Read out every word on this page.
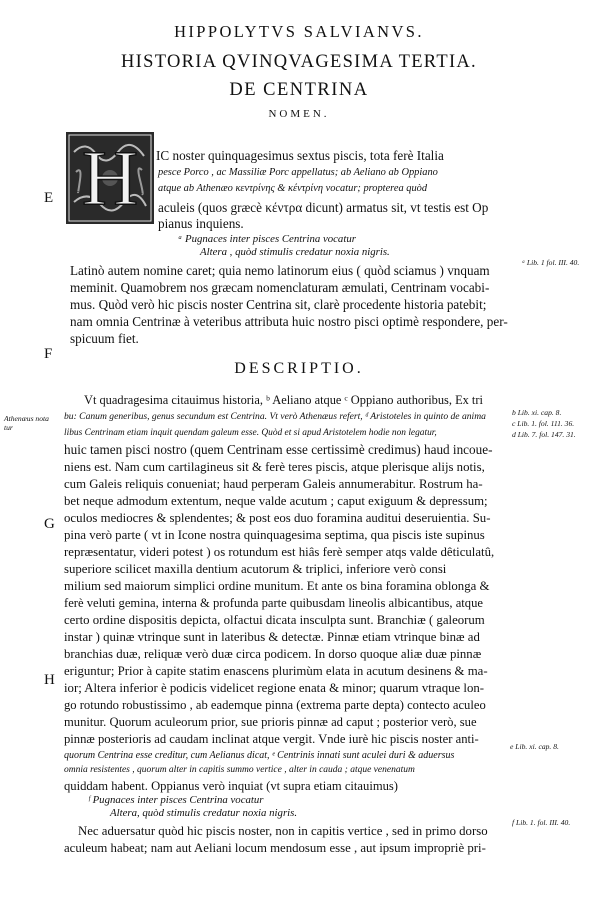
HIPPOLYTVS SALVIANVS.
HISTORIA QVINQVAGESIMA TERTIA.
DE CENTRINA
NOMEN.
H
E
F
G
H
IC noster quinquagesimus sextus piscis, tota ferè Italia
pesce Porco , ac Massiliæ Porc appellatus; ab Aeliano ab Oppiano
atque ab Athenæo κεντρίνης & κέντρίνη vocatur; propterea quòd
aculeis (quos græcè κέντρα dicunt) armatus sit, vt testis est Op
pianus inquiens.
ᵃ Pugnaces inter pisces Centrina vocatur
Altera , quòd stimulis credatur noxia nigris.
Latinò autem nomine caret; quia nemo latinorum eius ( quòd sciamus ) vnquam
meminit. Quamobrem nos græcam nomenclaturam æmulati, Centrinam vocabi-
mus. Quòd verò hic piscis noster Centrina sit, clarè procedente historia patebit;
nam omnia Centrinæ à veteribus attributa huic nostro pisci optimè respondere, per-
spicuum fiet.
DESCRIPTIO.
Vt quadragesima citauimus historia, ᵇ Aeliano atque ᶜ Oppiano authoribus, Ex tri
bu: Canum generibus, genus secundum est Centrina. Vt verò Athenæus refert, ᵈ Aristoteles in quinto de anima
libus Centrinam etiam inquit quendam galeum esse. Quòd et si apud Aristotelem hodie non legatur,
huic tamen pisci nostro (quem Centrinam esse certissimè credimus) haud incoue-
niens est. Nam cum cartilagineus sit & ferè teres piscis, atque plerisque alijs notis,
cum Galeis reliquis conueniat; haud perperam Galeis annumerabitur. Rostrum ha-
bet neque admodum extentum, neque valde acutum ; caput exiguum & depressum;
oculos mediocres & splendentes; & post eos duo foramina auditui deseruientia. Su-
pina verò parte ( vt in Icone nostra quinquagesima septima, qua piscis iste supinus
repræsentatur, videri potest ) os rotundum est hiâs ferè semper atqs valde dêticulatû,
superiore scilicet maxilla dentium acutorum & triplici, inferiore verò consi
milium sed maiorum simplici ordine munitum. Et ante os bina foramina oblonga &
ferè veluti gemina, interna & profunda parte quibusdam lineolis albicantibus, atque
certo ordine dispositis depicta, olfactui dicata insculpta sunt. Branchiæ ( galeorum
instar ) quinæ vtrinque sunt in lateribus & detectæ. Pinnæ etiam vtrinque binæ ad
branchias duæ, reliquæ verò duæ circa podicem. In dorso quoque aliæ duæ pinnæ
eriguntur; Prior à capite statim enascens plurimùm elata in acutum desinens & ma-
ior; Altera inferior è podicis videlicet regione enata & minor; quarum vtraque lon-
go rotundo robustissimo , ab eademque pinna (extrema parte depta) contecto aculeo
munitur. Quorum aculeorum prior, sue prioris pinnæ ad caput ; posterior verò, sue
pinnæ posterioris ad caudam inclinat atque vergit. Vnde iurè hic piscis noster anti-
quorum Centrina esse creditur, cum Aelianus dicat, ᵉ Centrinis innati sunt aculei duri & aduersus
omnia resistentes , quorum alter in capitis summo vertice , alter in cauda ; atque venenatum
quiddam habent. Oppianus verò inquiat (vt supra etiam citauimus)
ᶠ Pugnaces inter pisces Centrina vocatur
Altera, quòd stimulis credatur noxia nigris.
Nec aduersatur quòd hic piscis noster, non in capitis vertice , sed in primo dorso
aculeum habeat; nam aut Aeliani locum mendosum esse , aut ipsum impropriè pri-
ᵃ Lib. 1 fol. III. 40.
Athenæus nota tur
b Lib. xi. cap. 8.
c Lib. 1. fol. 111. 36.
d Lib. 7. fol. 147. 31.
e Lib. xi. cap. 8.
f Lib. 1. fol. III. 40.
